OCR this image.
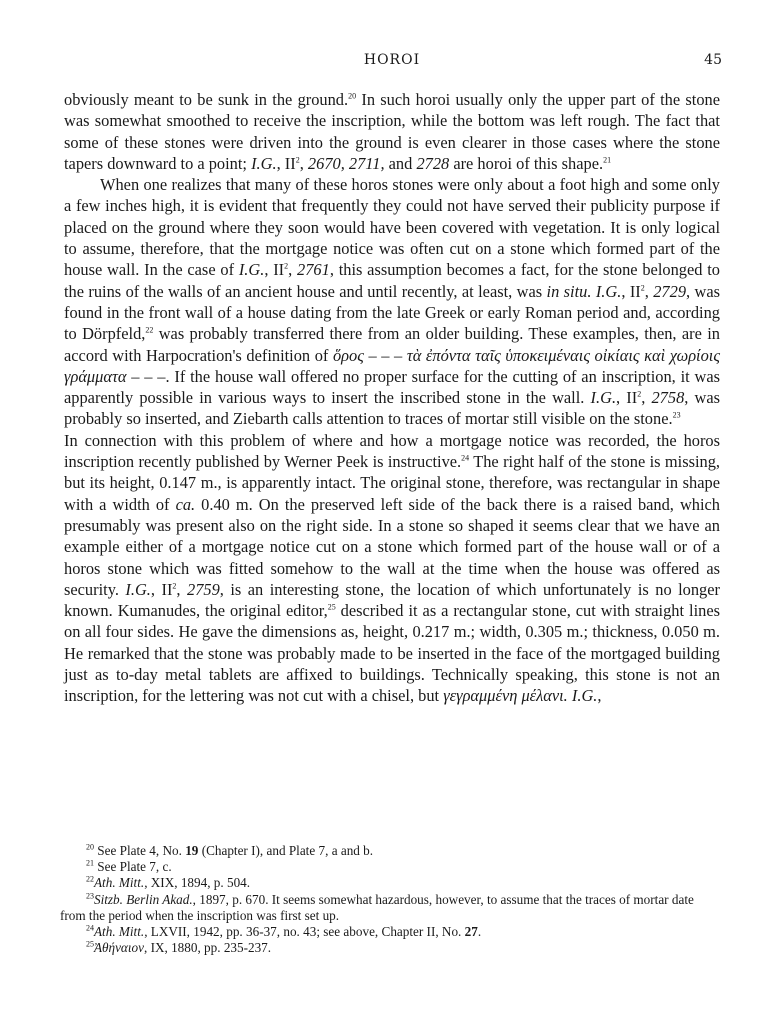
HOROI	45

obviously meant to be sunk in the ground.$^{20}$ In such horoi usually only the upper part of the stone was somewhat smoothed to receive the inscription, while the bottom was left rough. The fact that some of these stones were driven into the ground is even clearer in those cases where the stone tapers downward to a point; I.G., $II^2$, 2670, 2711, and 2728 are horoi of this shape.$^{21}$

When one realizes that many of these horos stones were only about a foot high and some only a few inches high, it is evident that frequently they could not have served their publicity purpose if placed on the ground where they soon would have been covered with vegetation. It is only logical to assume, therefore, that the mortgage notice was often cut on a stone which formed part of the house wall. In the case of I.G., $II^2$, 2761, this assumption becomes a fact, for the stone belonged to the ruins of the walls of an ancient house and until recently, at least, was in situ. I.G., $II^2$, 2729, was found in the front wall of a house dating from the late Greek or early Roman period and, according to Dörpfeld,$^{22}$ was probably transferred there from an older building. These examples, then, are in accord with Harpocration's definition of ὅρος – – – τὰ ἐπόντα ταῖς ὑποκειμέναις οἰκίαις καὶ χωρίοις γράμματα – – –. If the house wall offered no proper surface for the cutting of an inscription, it was apparently possible in various ways to insert the inscribed stone in the wall. I.G., $II^2$, 2758, was probably so inserted, and Ziebarth calls attention to traces of mortar still visible on the stone.$^{23}$

In connection with this problem of where and how a mortgage notice was recorded, the horos inscription recently published by Werner Peek is instructive.$^{24}$ The right half of the stone is missing, but its height, 0.147 m., is apparently intact. The original stone, therefore, was rectangular in shape with a width of ca. 0.40 m. On the preserved left side of the back there is a raised band, which presumably was present also on the right side. In a stone so shaped it seems clear that we have an example either of a mortgage notice cut on a stone which formed part of the house wall or of a horos stone which was fitted somehow to the wall at the time when the house was offered as security. I.G., $II^2$, 2759, is an interesting stone, the location of which unfortunately is no longer known. Kumanudes, the original editor,$^{25}$ described it as a rectangular stone, cut with straight lines on all four sides. He gave the dimensions as, height, 0.217 m.; width, 0.305 m.; thickness, 0.050 m. He remarked that the stone was probably made to be inserted in the face of the mortgaged building just as to-day metal tablets are affixed to buildings. Technically speaking, this stone is not an inscription, for the lettering was not cut with a chisel, but γεγραμμένη μέλανι. I.G.,

$^{20}$ See Plate 4, No. 19 (Chapter I), and Plate 7, a and b.

$^{21}$ See Plate 7, c.

$^{22}$Ath. Mitt., XIX, 1894, p. 504.

$^{23}$Sitzb. Berlin Akad., 1897, p. 670. It seems somewhat hazardous, however, to assume that the traces of mortar date from the period when the inscription was first set up.

$^{24}$Ath. Mitt., LXVII, 1942, pp. 36-37, no. 43; see above, Chapter II, No. 27.

$^{25}$Ἀθήναιον, IX, 1880, pp. 235-237.
